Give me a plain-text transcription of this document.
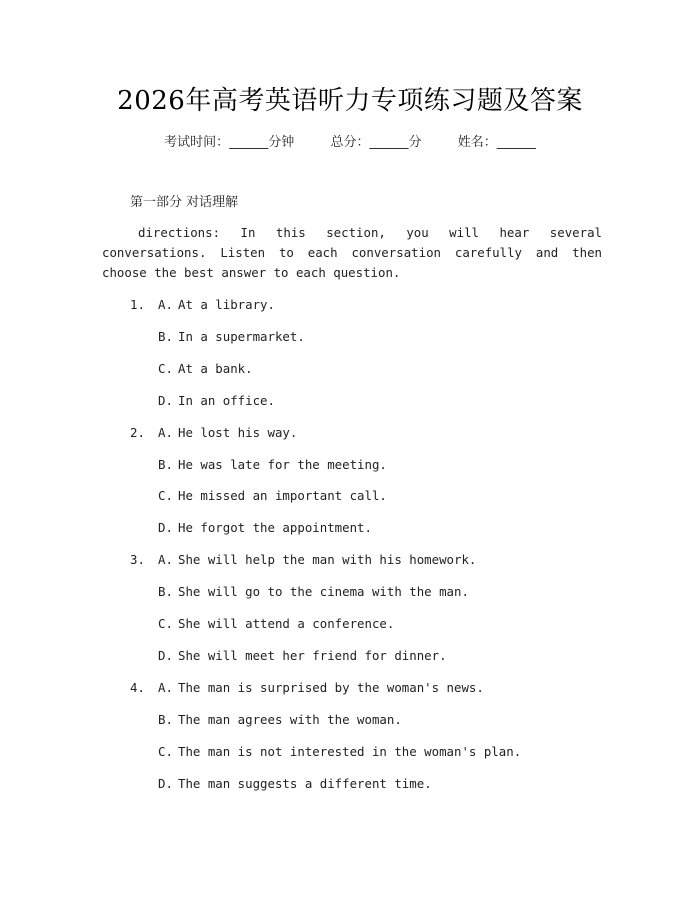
2026年高考英语听力专项练习题及答案
考试时间：______分钟	总分：______分	姓名：______
第一部分 对话理解
directions: In this section, you will hear several conversations. Listen to each conversation carefully and then choose the best answer to each question.
1. A. At a library.
B. In a supermarket.
C. At a bank.
D. In an office.
2. A. He lost his way.
B. He was late for the meeting.
C. He missed an important call.
D. He forgot the appointment.
3. A. She will help the man with his homework.
B. She will go to the cinema with the man.
C. She will attend a conference.
D. She will meet her friend for dinner.
4. A. The man is surprised by the woman's news.
B. The man agrees with the woman.
C. The man is not interested in the woman's plan.
D. The man suggests a different time.
